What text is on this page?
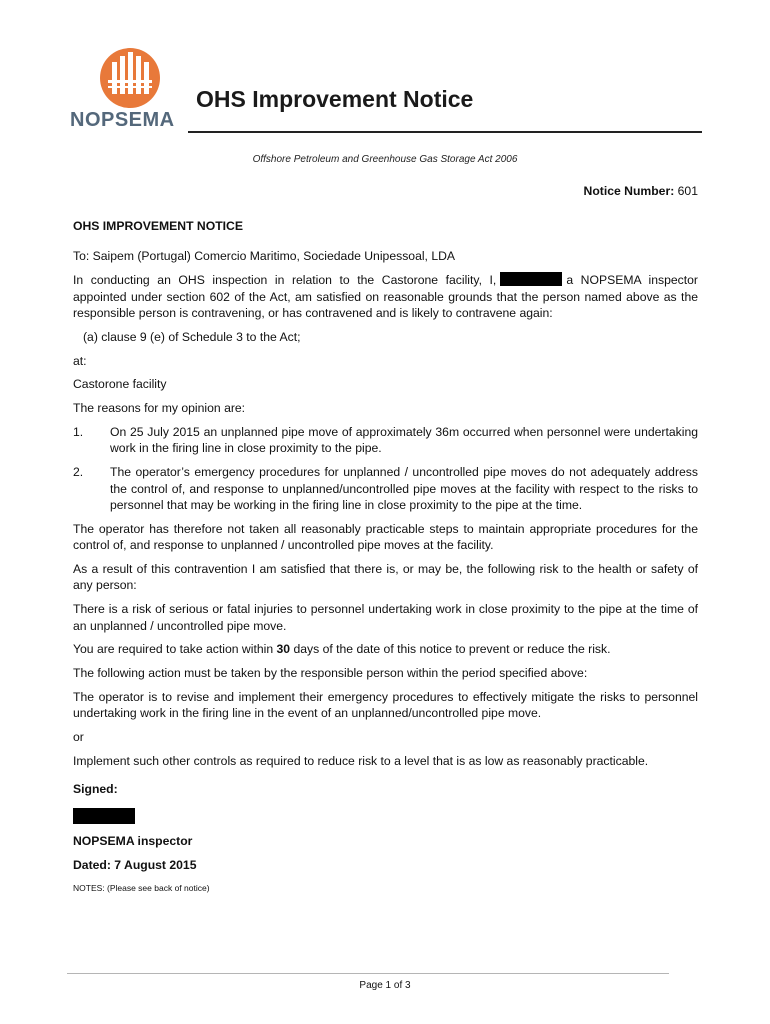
NOPSEMA
OHS Improvement Notice
Offshore Petroleum and Greenhouse Gas Storage Act 2006
Notice Number: 601

OHS IMPROVEMENT NOTICE

To: Saipem (Portugal) Comercio Maritimo, Sociedade Unipessoal, LDA

In conducting an OHS inspection in relation to the Castorone facility, I,	a NOPSEMA inspector appointed under section 602 of the Act, am satisfied on reasonable grounds that the person named above as the responsible person is contravening, or has contravened and is likely to contravene again:

(a) clause 9 (e) of Schedule 3 to the Act;

at:

Castorone facility

The reasons for my opinion are:

1.	On 25 July 2015 an unplanned pipe move of approximately 36m occurred when personnel were undertaking work in the firing line in close proximity to the pipe.
2.	The operator’s emergency procedures for unplanned / uncontrolled pipe moves do not adequately address the control of, and response to unplanned/uncontrolled pipe moves at the facility with respect to the risks to personnel that may be working in the firing line in close proximity to the pipe at the time.

The operator has therefore not taken all reasonably practicable steps to maintain appropriate procedures for the control of, and response to unplanned / uncontrolled pipe moves at the facility.

As a result of this contravention I am satisfied that there is, or may be, the following risk to the health or safety of any person:

There is a risk of serious or fatal injuries to personnel undertaking work in close proximity to the pipe at the time of an unplanned / uncontrolled pipe move.

You are required to take action within 30 days of the date of this notice to prevent or reduce the risk.

The following action must be taken by the responsible person within the period specified above:

The operator is to revise and implement their emergency procedures to effectively mitigate the risks to personnel undertaking work in the firing line in the event of an unplanned/uncontrolled pipe move.

or

Implement such other controls as required to reduce risk to a level that is as low as reasonably practicable.

Signed:

NOPSEMA inspector

Dated: 7 August 2015

NOTES: (Please see back of notice)

Page 1 of 3
